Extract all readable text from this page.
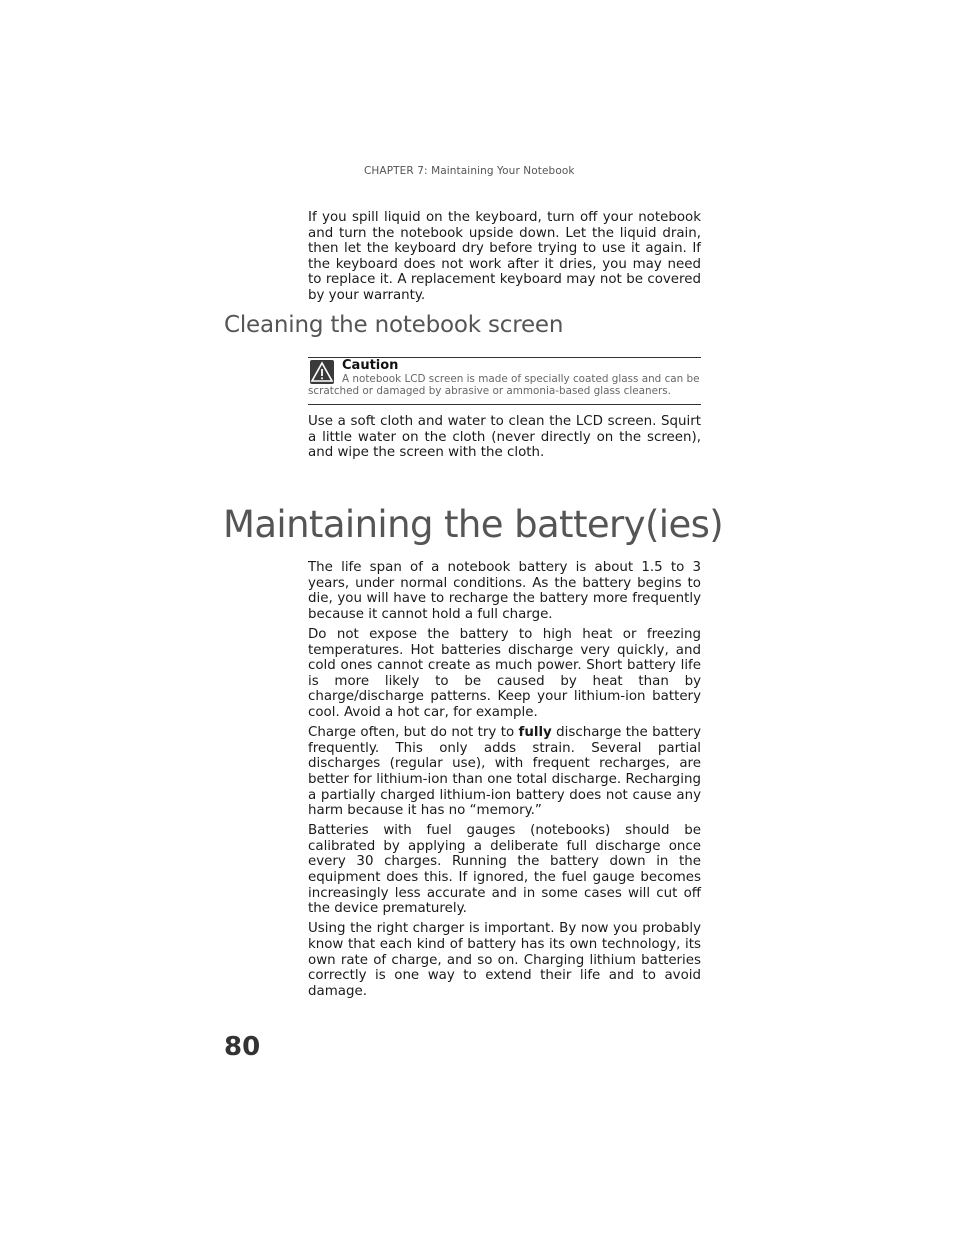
CHAPTER 7: Maintaining Your Notebook

If you spill liquid on the keyboard, turn off your notebook and turn the notebook upside down. Let the liquid drain, then let the keyboard dry before trying to use it again. If the keyboard does not work after it dries, you may need to replace it. A replacement keyboard may not be covered by your warranty.

Cleaning the notebook screen
Caution
A notebook LCD screen is made of specially coated glass and can be scratched or damaged by abrasive or ammonia-based glass cleaners.

Use a soft cloth and water to clean the LCD screen. Squirt a little water on the cloth (never directly on the screen), and wipe the screen with the cloth.

Maintaining the battery(ies)

The life span of a notebook battery is about 1.5 to 3 years, under normal conditions. As the battery begins to die, you will have to recharge the battery more frequently because it cannot hold a full charge.

Do not expose the battery to high heat or freezing temperatures. Hot batteries discharge very quickly, and cold ones cannot create as much power. Short battery life is more likely to be caused by heat than by charge/discharge patterns. Keep your lithium-ion battery cool. Avoid a hot car, for example.

Charge often, but do not try to fully discharge the battery frequently. This only adds strain. Several partial discharges (regular use), with frequent recharges, are better for lithium-ion than one total discharge. Recharging a partially charged lithium-ion battery does not cause any harm because it has no “memory.”

Batteries with fuel gauges (notebooks) should be calibrated by applying a deliberate full discharge once every 30 charges. Running the battery down in the equipment does this. If ignored, the fuel gauge becomes increasingly less accurate and in some cases will cut off the device prematurely.

Using the right charger is important. By now you probably know that each kind of battery has its own technology, its own rate of charge, and so on. Charging lithium batteries correctly is one way to extend their life and to avoid damage.

80
